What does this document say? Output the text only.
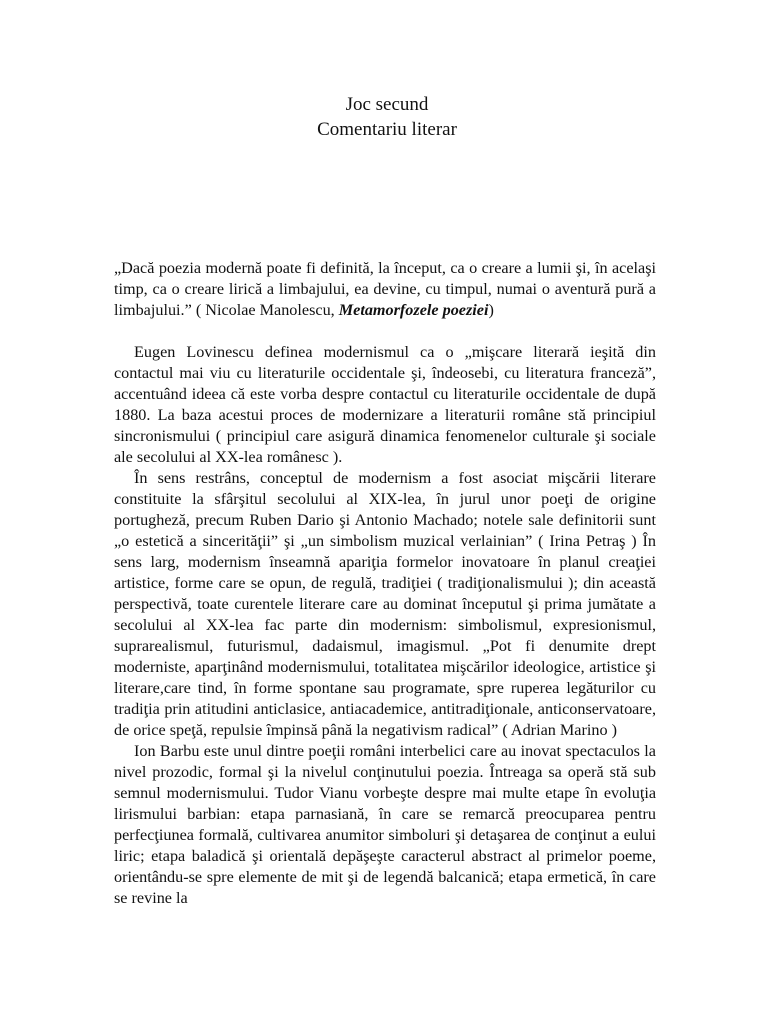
Joc secund
Comentariu literar

„Dacă poezia modernă poate fi definită, la început, ca o creare a lumii şi, în acelaşi timp, ca o creare lirică a limbajului, ea devine, cu timpul, numai o aventură pură a limbajului.” ( Nicolae Manolescu, Metamorfozele poeziei)

Eugen Lovinescu definea modernismul ca o „mişcare literară ieşită din contactul mai viu cu literaturile occidentale şi, îndeosebi, cu literatura franceză”, accentuând ideea că este vorba despre contactul cu literaturile occidentale de după 1880. La baza acestui proces de modernizare a literaturii române stă principiul sincronismului ( principiul care asigură dinamica fenomenelor culturale şi sociale ale secolului al XX-lea românesc ).

În sens restrâns, conceptul de modernism a fost asociat mişcării literare constituite la sfârşitul secolului al XIX-lea, în jurul unor poeţi de origine portugheză, precum Ruben Dario şi Antonio Machado; notele sale definitorii sunt „o estetică a sincerităţii” şi „un simbolism muzical verlainian” ( Irina Petraş ) În sens larg, modernism înseamnă apariţia formelor inovatoare în planul creaţiei artistice, forme care se opun, de regulă, tradiţiei ( tradiţionalismului ); din această perspectivă, toate curentele literare care au dominat începutul şi prima jumătate a secolului al XX-lea fac parte din modernism: simbolismul, expresionismul, suprarealismul, futurismul, dadaismul, imagismul. „Pot fi denumite drept moderniste, aparţinând modernismului, totalitatea mişcărilor ideologice, artistice şi literare,care tind, în forme spontane sau programate, spre ruperea legăturilor cu tradiţia prin atitudini anticlasice, antiacademice, antitradiţionale, anticonservatoare, de orice speţă, repulsie împinsă până la negativism radical” ( Adrian Marino )

Ion Barbu este unul dintre poeţii români interbelici care au inovat spectaculos la nivel prozodic, formal şi la nivelul conţinutului poezia. Întreaga sa operă stă sub semnul modernismului. Tudor Vianu vorbeşte despre mai multe etape în evoluţia lirismului barbian: etapa parnasiană, în care se remarcă preocuparea pentru perfecţiunea formală, cultivarea anumitor simboluri şi detaşarea de conţinut a eului liric; etapa baladică şi orientală depăşeşte caracterul abstract al primelor poeme, orientându-se spre elemente de mit şi de legendă balcanică; etapa ermetică, în care se revine la
